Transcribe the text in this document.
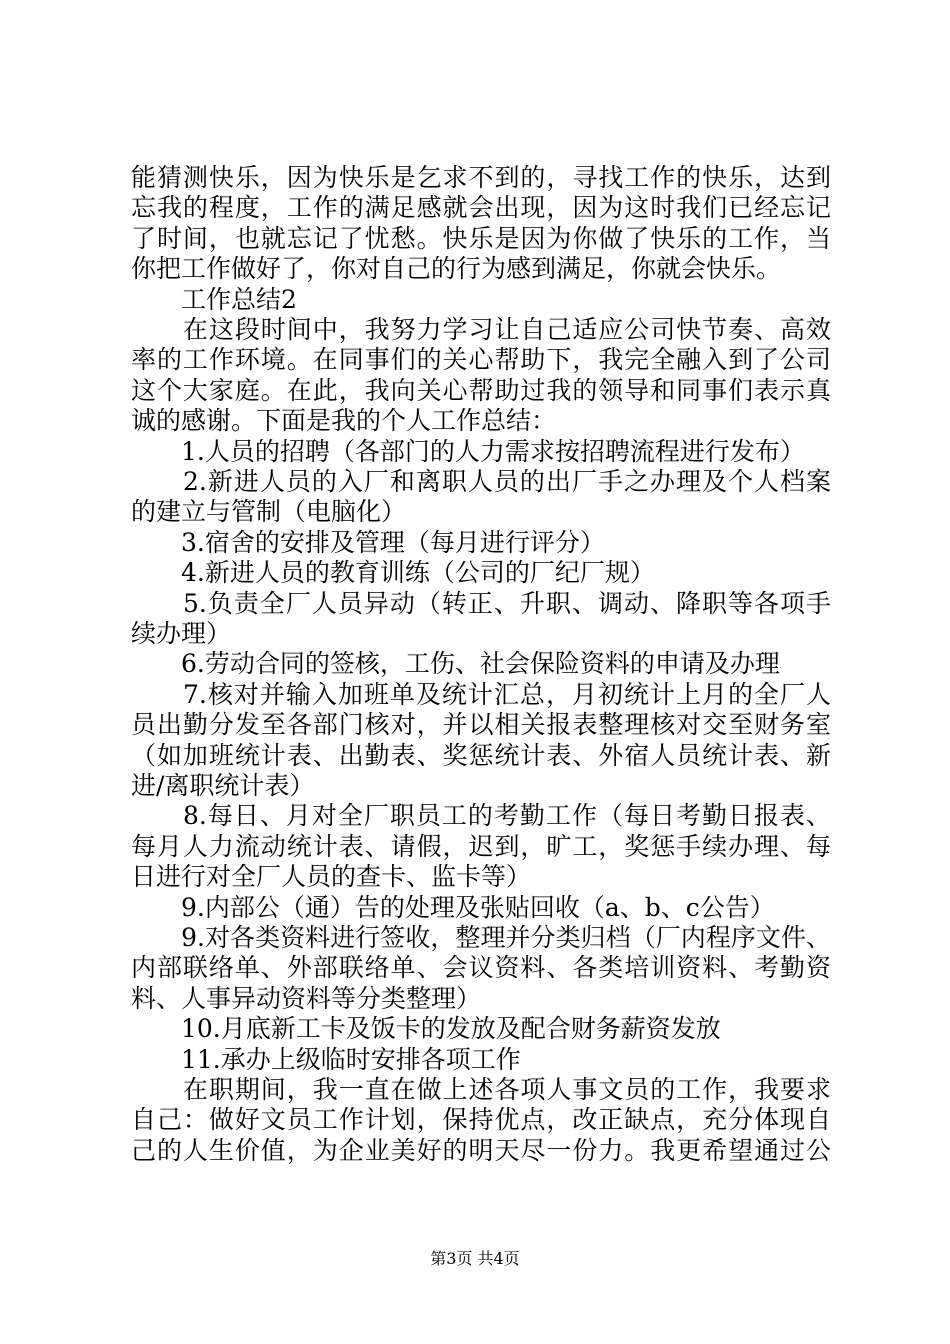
能猜测快乐，因为快乐是乞求不到的，寻找工作的快乐，达到
忘我的程度，工作的满足感就会出现，因为这时我们已经忘记
了时间，也就忘记了忧愁。快乐是因为你做了快乐的工作，当
你把工作做好了，你对自己的行为感到满足，你就会快乐。
　　工作总结2
　　在这段时间中，我努力学习让自己适应公司快节奏、高效
率的工作环境。在同事们的关心帮助下，我完全融入到了公司
这个大家庭。在此，我向关心帮助过我的领导和同事们表示真
诚的感谢。下面是我的个人工作总结：
　　1.人员的招聘（各部门的人力需求按招聘流程进行发布）
　　2.新进人员的入厂和离职人员的出厂手之办理及个人档案
的建立与管制（电脑化）
　　3.宿舍的安排及管理（每月进行评分）
　　4.新进人员的教育训练（公司的厂纪厂规）
　　5.负责全厂人员异动（转正、升职、调动、降职等各项手
续办理）
　　6.劳动合同的签核，工伤、社会保险资料的申请及办理
　　7.核对并输入加班单及统计汇总，月初统计上月的全厂人
员出勤分发至各部门核对，并以相关报表整理核对交至财务室
（如加班统计表、出勤表、奖惩统计表、外宿人员统计表、新
进/离职统计表）
　　8.每日、月对全厂职员工的考勤工作（每日考勤日报表、
每月人力流动统计表、请假，迟到，旷工，奖惩手续办理、每
日进行对全厂人员的查卡、监卡等）
　　9.内部公（通）告的处理及张贴回收（a、b、c公告）
　　9.对各类资料进行签收，整理并分类归档（厂内程序文件、
内部联络单、外部联络单、会议资料、各类培训资料、考勤资
料、人事异动资料等分类整理）
　　10.月底新工卡及饭卡的发放及配合财务薪资发放
　　11.承办上级临时安排各项工作
　　在职期间，我一直在做上述各项人事文员的工作，我要求
自己：做好文员工作计划，保持优点，改正缺点，充分体现自
己的人生价值，为企业美好的明天尽一份力。我更希望通过公
第3页 共4页
